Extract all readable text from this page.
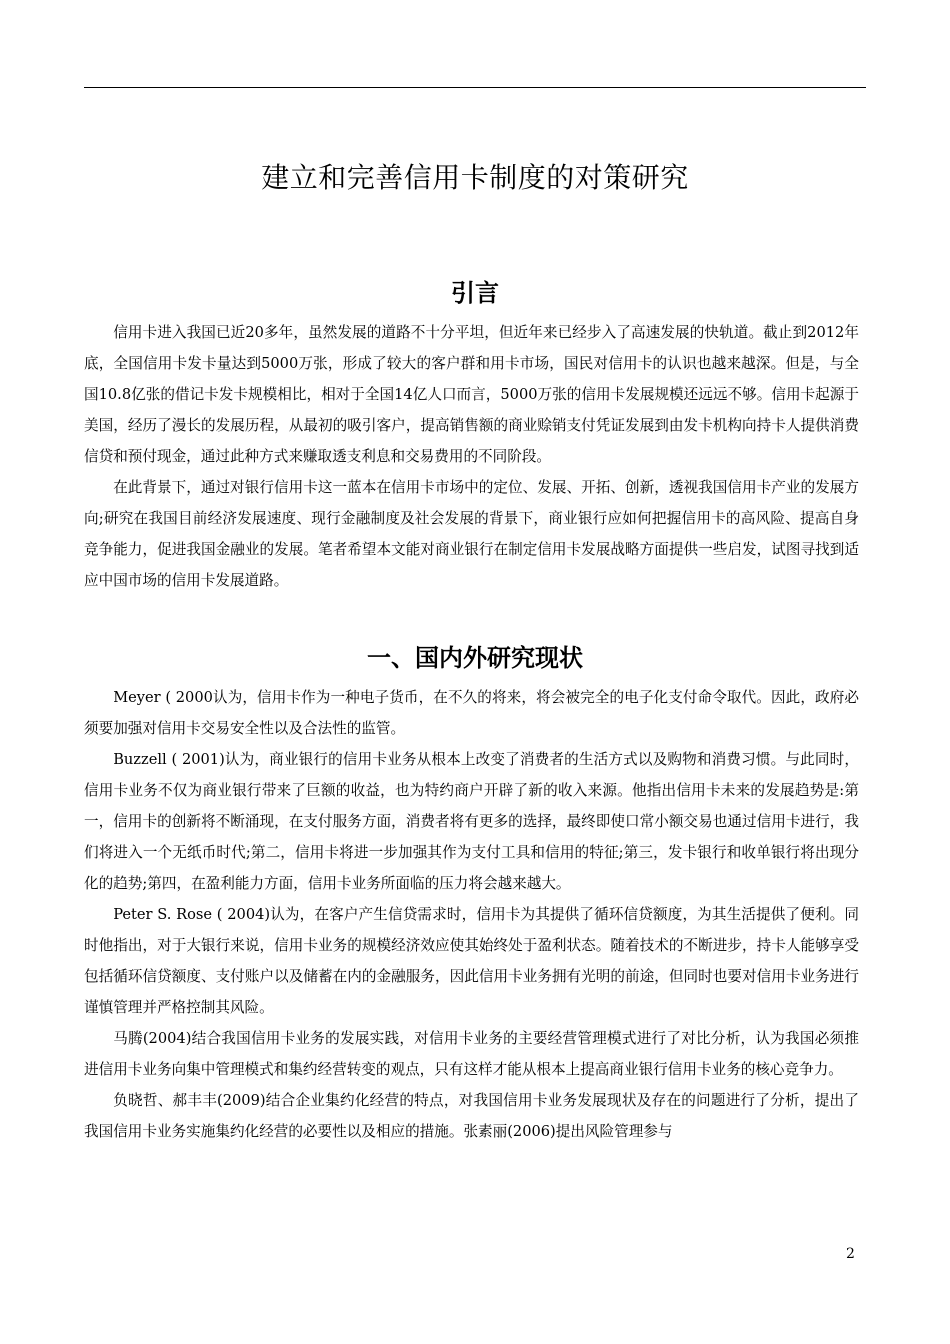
建立和完善信用卡制度的对策研究
引言

信用卡进入我国已近20多年，虽然发展的道路不十分平坦，但近年来已经步入了高速发展的快轨道。截止到2012年底，全国信用卡发卡量达到5000万张，形成了较大的客户群和用卡市场，国民对信用卡的认识也越来越深。但是，与全国10.8亿张的借记卡发卡规模相比，相对于全国14亿人口而言，5000万张的信用卡发展规模还远远不够。信用卡起源于美国，经历了漫长的发展历程，从最初的吸引客户，提高销售额的商业赊销支付凭证发展到由发卡机构向持卡人提供消费信贷和预付现金，通过此种方式来赚取透支利息和交易费用的不同阶段。

在此背景下，通过对银行信用卡这一蓝本在信用卡市场中的定位、发展、开拓、创新，透视我国信用卡产业的发展方向;研究在我国目前经济发展速度、现行金融制度及社会发展的背景下，商业银行应如何把握信用卡的高风险、提高自身竞争能力，促进我国金融业的发展。笔者希望本文能对商业银行在制定信用卡发展战略方面提供一些启发，试图寻找到适应中国市场的信用卡发展道路。

一、国内外研究现状

Meyer ( 2000认为，信用卡作为一种电子货币，在不久的将来，将会被完全的电子化支付命令取代。因此，政府必须要加强对信用卡交易安全性以及合法性的监管。

Buzzell ( 2001)认为，商业银行的信用卡业务从根本上改变了消费者的生活方式以及购物和消费习惯。与此同时，信用卡业务不仅为商业银行带来了巨额的收益，也为特约商户开辟了新的收入来源。他指出信用卡未来的发展趋势是:第一，信用卡的创新将不断涌现，在支付服务方面，消费者将有更多的选择，最终即使口常小额交易也通过信用卡进行，我们将进入一个无纸币时代;第二，信用卡将进一步加强其作为支付工具和信用的特征;第三，发卡银行和收单银行将出现分化的趋势;第四，在盈利能力方面，信用卡业务所面临的压力将会越来越大。

Peter S. Rose ( 2004)认为，在客户产生信贷需求时，信用卡为其提供了循环信贷额度，为其生活提供了便利。同时他指出，对于大银行来说，信用卡业务的规模经济效应使其始终处于盈利状态。随着技术的不断进步，持卡人能够享受包括循环信贷额度、支付账户以及储蓄在内的金融服务，因此信用卡业务拥有光明的前途，但同时也要对信用卡业务进行谨慎管理并严格控制其风险。

马腾(2004)结合我国信用卡业务的发展实践，对信用卡业务的主要经营管理模式进行了对比分析，认为我国必须推进信用卡业务向集中管理模式和集约经营转变的观点，只有这样才能从根本上提高商业银行信用卡业务的核心竞争力。

负晓哲、郝丰丰(2009)结合企业集约化经营的特点，对我国信用卡业务发展现状及存在的问题进行了分析，提出了我国信用卡业务实施集约化经营的必要性以及相应的措施。张素丽(2006)提出风险管理参与

2
